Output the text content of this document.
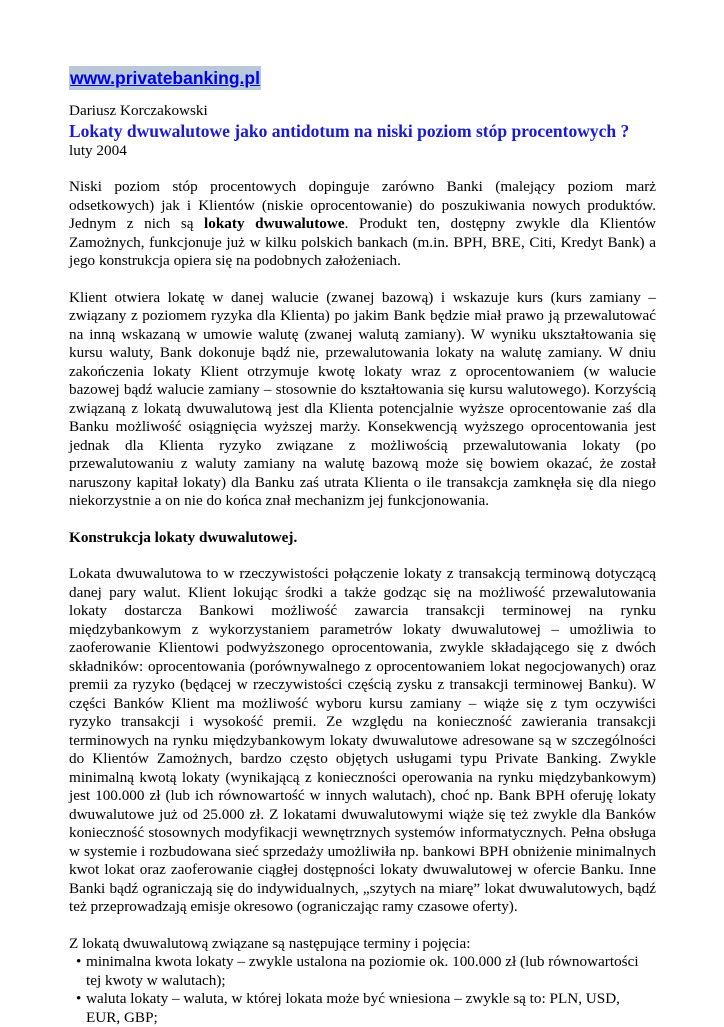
www.privatebanking.pl

Dariusz Korczakowski

Lokaty dwuwalutowe jako antidotum na niski poziom stóp procentowych ?

luty 2004

Niski poziom stóp procentowych dopinguje zarówno Banki (malejący poziom marż odsetkowych) jak i Klientów (niskie oprocentowanie) do poszukiwania nowych produktów. Jednym z nich są lokaty dwuwalutowe. Produkt ten, dostępny zwykle dla Klientów Zamożnych, funkcjonuje już w kilku polskich bankach (m.in. BPH, BRE, Citi, Kredyt Bank) a jego konstrukcja opiera się na podobnych założeniach.

Klient otwiera lokatę w danej walucie (zwanej bazową) i wskazuje kurs (kurs zamiany – związany z poziomem ryzyka dla Klienta) po jakim Bank będzie miał prawo ją przewalutować na inną wskazaną w umowie walutę (zwanej walutą zamiany). W wyniku ukształtowania się kursu waluty, Bank dokonuje bądź nie, przewalutowania lokaty na walutę zamiany. W dniu zakończenia lokaty Klient otrzymuje kwotę lokaty wraz z oprocentowaniem (w walucie bazowej bądź walucie zamiany – stosownie do kształtowania się kursu walutowego). Korzyścią związaną z lokatą dwuwalutową jest dla Klienta potencjalnie wyższe oprocentowanie zaś dla Banku możliwość osiągnięcia wyższej marży. Konsekwencją wyższego oprocentowania jest jednak dla Klienta ryzyko związane z możliwością przewalutowania lokaty (po przewalutowaniu z waluty zamiany na walutę bazową może się bowiem okazać, że został naruszony kapitał lokaty) dla Banku zaś utrata Klienta o ile transakcja zamknęła się dla niego niekorzystnie a on nie do końca znał mechanizm jej funkcjonowania.

Konstrukcja lokaty dwuwalutowej.

Lokata dwuwalutowa to w rzeczywistości połączenie lokaty z transakcją terminową dotyczącą danej pary walut. Klient lokując środki a także godząc się na możliwość przewalutowania lokaty dostarcza Bankowi możliwość zawarcia transakcji terminowej na rynku międzybankowym z wykorzystaniem parametrów lokaty dwuwalutowej – umożliwia to zaoferowanie Klientowi podwyższonego oprocentowania, zwykle składającego się z dwóch składników: oprocentowania (porównywalnego z oprocentowaniem lokat negocjowanych) oraz premii za ryzyko (będącej w rzeczywistości częścią zysku z transakcji terminowej Banku). W części Banków Klient ma możliwość wyboru kursu zamiany – wiąże się z tym oczywiści ryzyko transakcji i wysokość premii. Ze względu na konieczność zawierania transakcji terminowych na rynku międzybankowym lokaty dwuwalutowe adresowane są w szczególności do Klientów Zamożnych, bardzo często objętych usługami typu Private Banking. Zwykle minimalną kwotą lokaty (wynikającą z konieczności operowania na rynku międzybankowym) jest 100.000 zł (lub ich równowartość w innych walutach), choć np. Bank BPH oferuję lokaty dwuwalutowe już od 25.000 zł. Z lokatami dwuwalutowymi wiąże się też zwykle dla Banków konieczność stosownych modyfikacji wewnętrznych systemów informatycznych. Pełna obsługa w systemie i rozbudowana sieć sprzedaży umożliwiła np. bankowi BPH obniżenie minimalnych kwot lokat oraz zaoferowanie ciągłej dostępności lokaty dwuwalutowej w ofercie Banku. Inne Banki bądź ograniczają się do indywidualnych, „szytych na miarę” lokat dwuwalutowych, bądź też przeprowadzają emisje okresowo (ograniczając ramy czasowe oferty).

Z lokatą dwuwalutową związane są następujące terminy i pojęcia:

• minimalna kwota lokaty – zwykle ustalona na poziomie ok. 100.000 zł (lub równowartości tej kwoty w walutach);
• waluta lokaty – waluta, w której lokata może być wniesiona – zwykle są to: PLN, USD, EUR, GBP;
